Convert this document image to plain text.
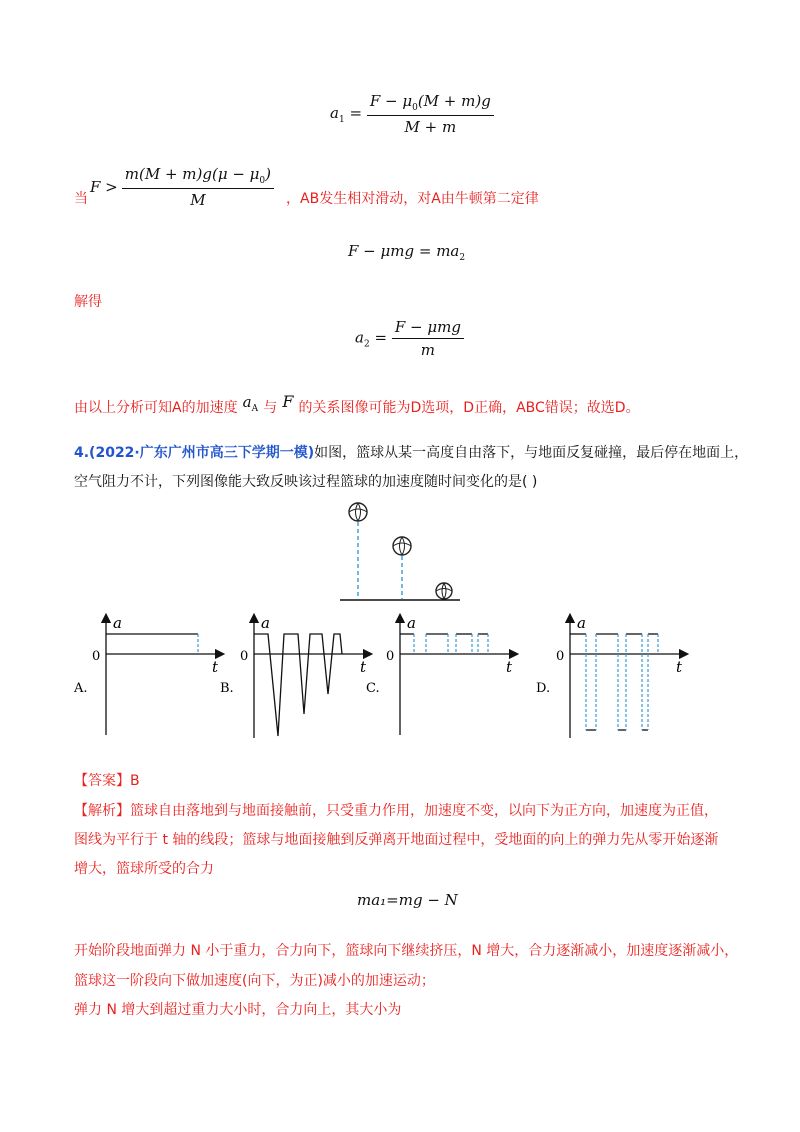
$a_1 = \frac{F - \mu_0(M + m)g}{M + m}$
当
$F > \frac{m(M + m)g(\mu - \mu_0)}{M}$ ，AB发生相对滑动，对A由牛顿第二定律
$F - \mu mg = ma_2$
解得
$a_2 = \frac{\text{F − μmg}}{m}$
由以上分析可知A的加速度 $a_A$ 与 F 的关系图像可能为D选项，D正确，ABC错误；故选D。
4.(2022·广东广州市高三下学期一模)如图，篮球从某一高度自由落下，与地面反复碰撞，最后停在地面上，
空气阻力不计，下列图像能大致反映该过程篮球的加速度随时间变化的是( )
a
t
0
A.
a
t
0
B.
a
t
0
C.
a
t
0
D.
【答案】B
【解析】篮球自由落地到与地面接触前，只受重力作用，加速度不变，以向下为正方向，加速度为正值，
图线为平行于 t 轴的线段；篮球与地面接触到反弹离开地面过程中，受地面的向上的弹力先从零开始逐渐
增大，篮球所受的合力
ma₁=mg − N
开始阶段地面弹力 N 小于重力，合力向下，篮球向下继续挤压，N 增大，合力逐渐减小，加速度逐渐减小，
篮球这一阶段向下做加速度(向下，为正)减小的加速运动；
弹力 N 增大到超过重力大小时，合力向上，其大小为
